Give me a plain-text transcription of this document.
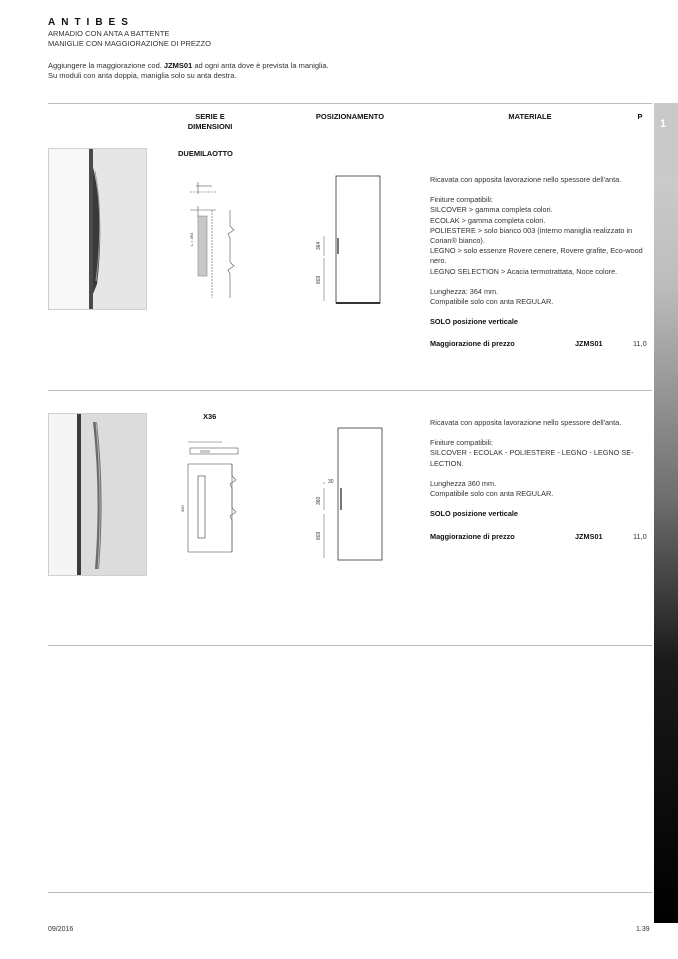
ANTIBES
ARMADIO CON ANTA A BATTENTE
MANIGLIE CON MAGGIORAZIONE DI PREZZO
Aggiungere la maggiorazione cod. JZMS01 ad ogni anta dove è prevista la maniglia.
Su moduli con anta doppia, maniglia solo su anta destra.
1
SERIE E
DIMENSIONI
POSIZIONAMENTO	MATERIALE	P
DUEMILAOTTO
L = 364	364
803

Ricavata con apposita lavorazione nello spessore dell'anta.

Finiture compatibili:
SILCOVER > gamma completa colori.
ECOLAK > gamma completa colori.
POLIESTERE > solo bianco 003 (interno maniglia realizzato in Corian® bianco).
LEGNO > solo essenze Rovere cenere, Rovere grafite, Eco-wood nero.
LEGNO SELECTION > Acacia termotrattata, Noce colore.

Lunghezza: 364 mm.
Compatibile solo con anta REGULAR.

SOLO posizione verticale

Maggiorazione di prezzo	JZMS01	11,0
X36
360
30
360
803

Ricavata con apposita lavorazione nello spessore dell'anta.

Finiture compatibili:
SILCOVER - ECOLAK - POLIESTERE - LEGNO - LEGNO SE-LECTION.

Lunghezza 360 mm.
Compatibile solo con anta REGULAR.

SOLO posizione verticale

Maggiorazione di prezzo	JZMS01	11,0
09/2016	1.39
